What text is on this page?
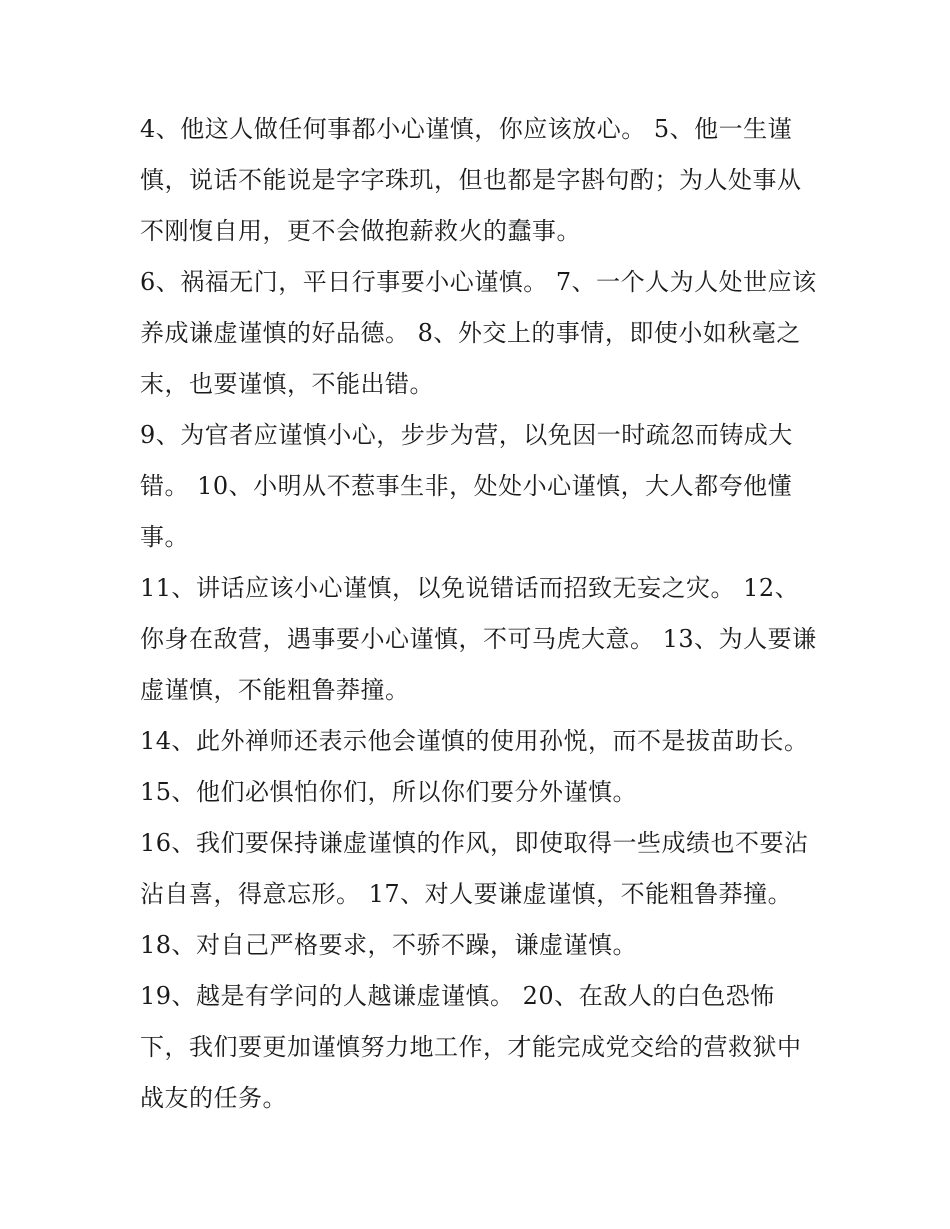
4、他这人做任何事都小心谨慎，你应该放心。 5、他一生谨慎，说话不能说是字字珠玑，但也都是字斟句酌；为人处事从不刚愎自用，更不会做抱薪救火的蠢事。

6、祸福无门，平日行事要小心谨慎。 7、一个人为人处世应该养成谦虚谨慎的好品德。 8、外交上的事情，即使小如秋毫之末，也要谨慎，不能出错。

9、为官者应谨慎小心，步步为营，以免因一时疏忽而铸成大错。 10、小明从不惹事生非，处处小心谨慎，大人都夸他懂事。

11、讲话应该小心谨慎，以免说错话而招致无妄之灾。 12、你身在敌营，遇事要小心谨慎，不可马虎大意。 13、为人要谦虚谨慎，不能粗鲁莽撞。

14、此外禅师还表示他会谨慎的使用孙悦，而不是拔苗助长。

15、他们必惧怕你们，所以你们要分外谨慎。

16、我们要保持谦虚谨慎的作风，即使取得一些成绩也不要沾沾自喜，得意忘形。 17、对人要谦虚谨慎，不能粗鲁莽撞。

18、对自己严格要求，不骄不躁，谦虚谨慎。

19、越是有学问的人越谦虚谨慎。 20、在敌人的白色恐怖下，我们要更加谨慎努力地工作，才能完成党交给的营救狱中战友的任务。
